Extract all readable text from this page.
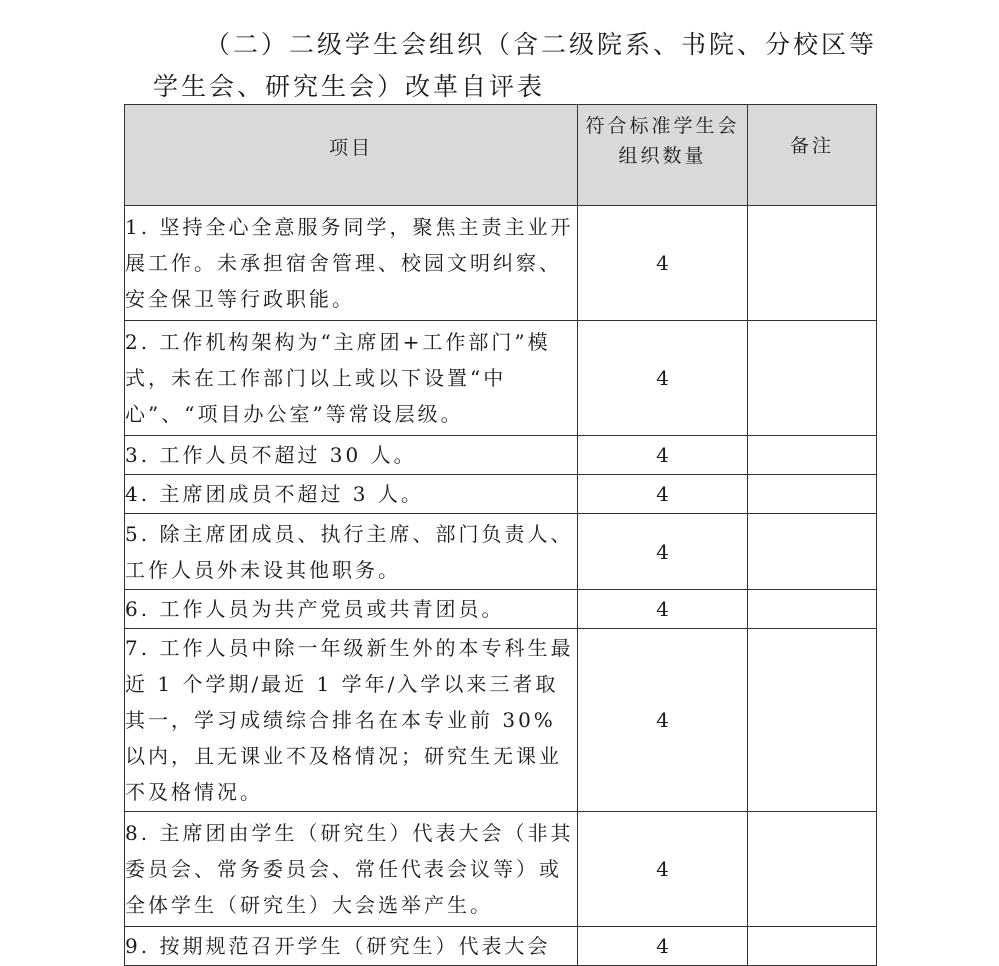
（二）二级学生会组织（含二级院系、书院、分校区等
学生会、研究生会）改革自评表
项目	符合标准学生会组织数量	备注
1. 坚持全心全意服务同学，聚焦主责主业开展工作。未承担宿舍管理、校园文明纠察、安全保卫等行政职能。	4	
2. 工作机构架构为“主席团+工作部门”模式，未在工作部门以上或以下设置“中心”、“项目办公室”等常设层级。	4	
3. 工作人员不超过 30 人。	4	
4. 主席团成员不超过 3 人。	4	
5. 除主席团成员、执行主席、部门负责人、工作人员外未设其他职务。	4	
6. 工作人员为共产党员或共青团员。	4	
7. 工作人员中除一年级新生外的本专科生最近 1 个学期/最近 1 学年/入学以来三者取其一，学习成绩综合排名在本专业前 30%以内，且无课业不及格情况；研究生无课业不及格情况。	4	
8. 主席团由学生（研究生）代表大会（非其委员会、常务委员会、常任代表会议等）或全体学生（研究生）大会选举产生。	4	
9. 按期规范召开学生（研究生）代表大会	4	
